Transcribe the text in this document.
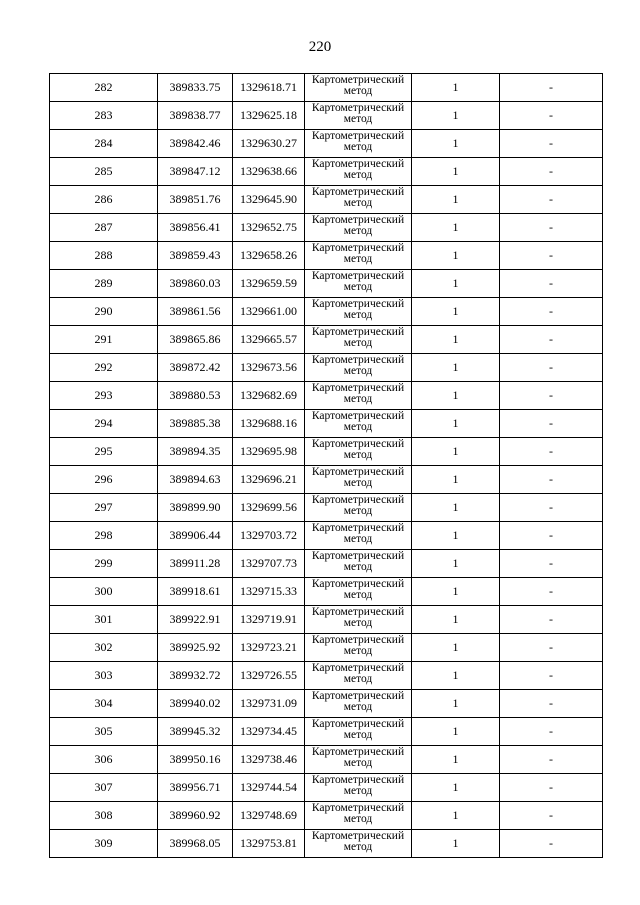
220
282	389833.75	1329618.71	Картометрический
метод	1	-
283	389838.77	1329625.18	Картометрический
метод	1	-
284	389842.46	1329630.27	Картометрический
метод	1	-
285	389847.12	1329638.66	Картометрический
метод	1	-
286	389851.76	1329645.90	Картометрический
метод	1	-
287	389856.41	1329652.75	Картометрический
метод	1	-
288	389859.43	1329658.26	Картометрический
метод	1	-
289	389860.03	1329659.59	Картометрический
метод	1	-
290	389861.56	1329661.00	Картометрический
метод	1	-
291	389865.86	1329665.57	Картометрический
метод	1	-
292	389872.42	1329673.56	Картометрический
метод	1	-
293	389880.53	1329682.69	Картометрический
метод	1	-
294	389885.38	1329688.16	Картометрический
метод	1	-
295	389894.35	1329695.98	Картометрический
метод	1	-
296	389894.63	1329696.21	Картометрический
метод	1	-
297	389899.90	1329699.56	Картометрический
метод	1	-
298	389906.44	1329703.72	Картометрический
метод	1	-
299	389911.28	1329707.73	Картометрический
метод	1	-
300	389918.61	1329715.33	Картометрический
метод	1	-
301	389922.91	1329719.91	Картометрический
метод	1	-
302	389925.92	1329723.21	Картометрический
метод	1	-
303	389932.72	1329726.55	Картометрический
метод	1	-
304	389940.02	1329731.09	Картометрический
метод	1	-
305	389945.32	1329734.45	Картометрический
метод	1	-
306	389950.16	1329738.46	Картометрический
метод	1	-
307	389956.71	1329744.54	Картометрический
метод	1	-
308	389960.92	1329748.69	Картометрический
метод	1	-
309	389968.05	1329753.81	Картометрический
метод	1	-
